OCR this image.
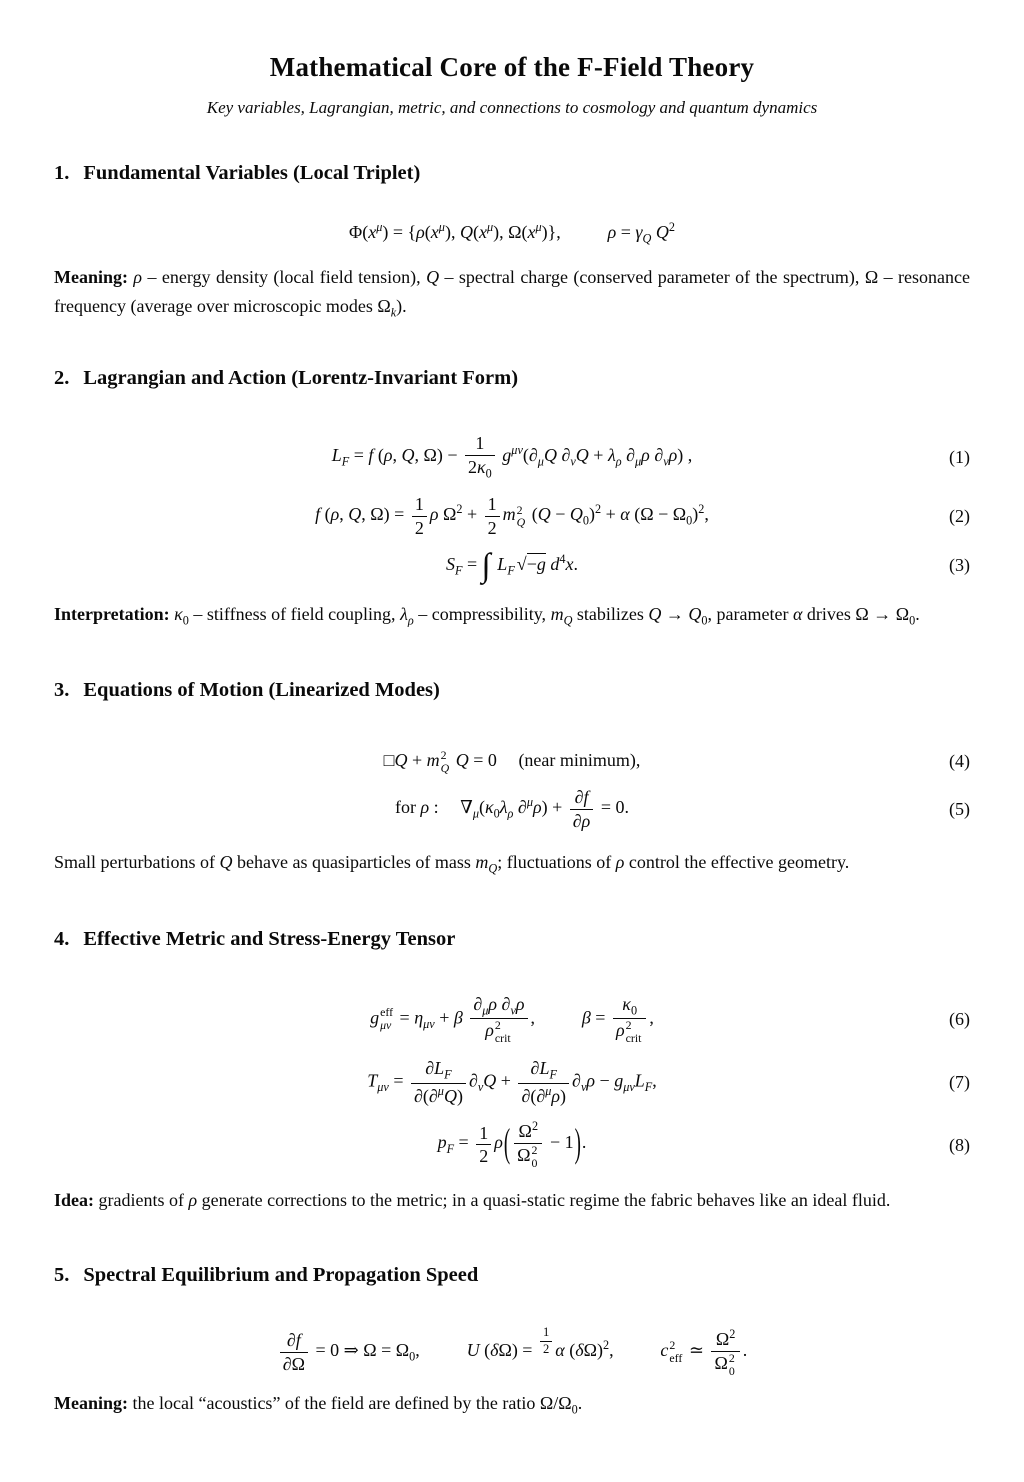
Mathematical Core of the F-Field Theory
Key variables, Lagrangian, metric, and connections to cosmology and quantum dynamics
1. Fundamental Variables (Local Triplet)
$\Phi(x^\mu) = \{\rho(x^\mu)$, $Q(x^\mu)$, $\Omega(x^\mu)$},	$\rho = \gamma_Q$ $Q^2$

Meaning: ρ – energy density (local field tension), Q – spectral charge (conserved parameter of the spectrum), Ω – resonance frequency (average over microscopic modes $\Omega_k$).

2. Lagrangian and Action (Lorentz-Invariant Form)
$L_F = f$ (ρ, Q, $\Omega) - \frac{1}{2\kappa_0} g^{\mu\nu}(\partial_\mu Q$ $\partial_\nu Q + \lambda_\rho$ $\partial_\mu\rho$ $\partial_\nu\rho$) ,	(1)
f (ρ, Q, $\Omega) = \frac{1}{2}$ ρ $\Omega^2 + \frac{1}{2}$ m 2
Q $(Q - Q_0)^2 + \alpha$ $(\Omega - \Omega_0)^2$,	(2)
$S_F$ = ∫ $L_F$ √−g $d^4x$.	(3)

Interpretation: $\kappa_0$ – stiffness of field coupling, $\lambda_\rho$ – compressibility, $m_Q$ stabilizes $Q \to Q_0$, parameter α drives $\Omega \to \Omega_0$.

3. Equations of Motion (Linearized Modes)
□Q + m 2
Q Q = 0 (near minimum),	(4)
for ρ : $\nabla_\mu(\kappa_0\lambda_\rho$ $\partial^\mu\rho) + \frac{\partial f}{\partial\rho} = 0$.	(5)

Small perturbations of Q behave as quasiparticles of mass $m_Q$; fluctuations of ρ control the effective geometry.

4. Effective Metric and Stress-Energy Tensor
g eff
$\mu\nu = \eta_{\mu\nu} + \beta$ $\partial_\mu\rho$ $\partial_\nu\rho$
ρ 2
crit ,	$\beta = \kappa_0$
ρ 2
crit ,	(6)
$T_{\mu\nu} = \frac{\partial L_F}{\partial(\partial^\mu Q)} \partial_\nu Q + \frac{\partial L_F}{\partial(\partial^\mu\rho)} \partial_\nu\rho - g_{\mu\nu}L_F$,	(7)
$p_F = \frac{1}{2} \rho$( $\Omega^2$
Ω 2
0 − 1).	(8)

Idea: gradients of ρ generate corrections to the metric; in a quasi-static regime the fabric behaves like an ideal fluid.

5. Spectral Equilibrium and Propagation Speed
$\frac{\partial f}{\partial\Omega} = 0$ ⇒ $\Omega = \Omega_0$,	U $(\delta\Omega) = \frac{1}{2}$ α $(\delta\Omega)^2$,	c 2
eff ≃ $\Omega^2$
Ω 2
0 .

Meaning: the local “acoustics” of the field are defined by the ratio $\Omega/\Omega_0$.
